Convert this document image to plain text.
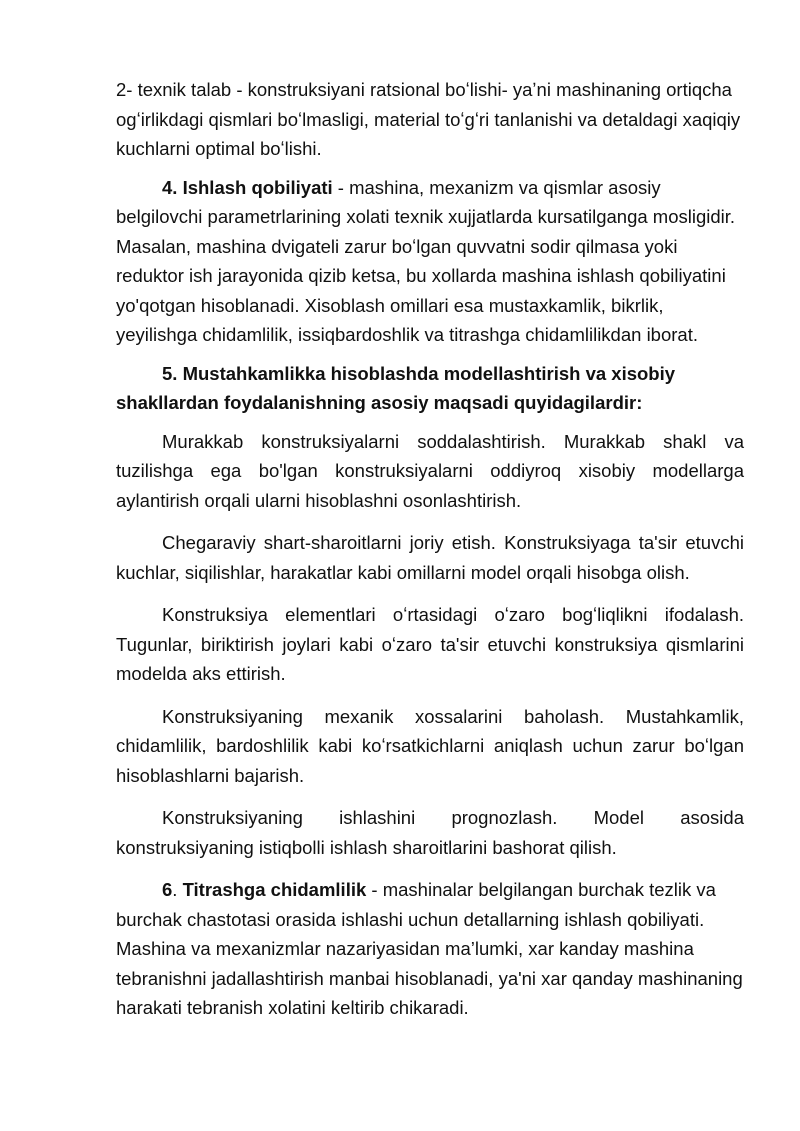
2- texnik talab - konstruksiyani ratsional boʻlishi- yaʼni mashinaning ortiqcha ogʻirlikdagi qismlari boʻlmasligi, material toʻgʻri tanlanishi va detaldagi xaqiqiy kuchlarni optimal boʻlishi.

4. Ishlash qobiliyati - mashina, mexanizm va qismlar asosiy belgilovchi parametrlarining xolati texnik xujjatlarda kursatilganga mosligidir. Masalan, mashina dvigateli zarur boʻlgan quvvatni sodir qilmasa yoki reduktor ish jarayonida qizib ketsa, bu xollarda mashina ishlash qobiliyatini yo'qotgan hisoblanadi. Xisoblash omillari esa mustaxkamlik, bikrlik, yeyilishga chidamlilik, issiqbardoshlik va titrashga chidamlilikdan iborat.

5. Mustahkamlikka hisoblashda modellashtirish va xisobiy shakllardan foydalanishning asosiy maqsadi quyidagilardir:

Murakkab konstruksiyalarni soddalashtirish. Murakkab shakl va tuzilishga ega bo'lgan konstruksiyalarni oddiyroq xisobiy modellarga aylantirish orqali ularni hisoblashni osonlashtirish.

Chegaraviy shart-sharoitlarni joriy etish. Konstruksiyaga ta'sir etuvchi kuchlar, siqilishlar, harakatlar kabi omillarni model orqali hisobga olish.

Konstruksiya elementlari oʻrtasidagi oʻzaro bogʻliqlikni ifodalash. Tugunlar, biriktirish joylari kabi oʻzaro ta'sir etuvchi konstruksiya qismlarini modelda aks ettirish.

Konstruksiyaning mexanik xossalarini baholash. Mustahkamlik, chidamlilik, bardoshlilik kabi koʻrsatkichlarni aniqlash uchun zarur boʻlgan hisoblashlarni bajarish.

Konstruksiyaning ishlashini prognozlash. Model asosida konstruksiyaning istiqbolli ishlash sharoitlarini bashorat qilish.

6. Titrashga chidamlilik - mashinalar belgilangan burchak tezlik va burchak chastotasi orasida ishlashi uchun detallarning ishlash qobiliyati. Mashina va mexanizmlar nazariyasidan ma’lumki, xar kanday mashina tebranishni jadallashtirish manbai hisoblanadi, ya'ni xar qanday mashinaning harakati tebranish xolatini keltirib chikaradi.
